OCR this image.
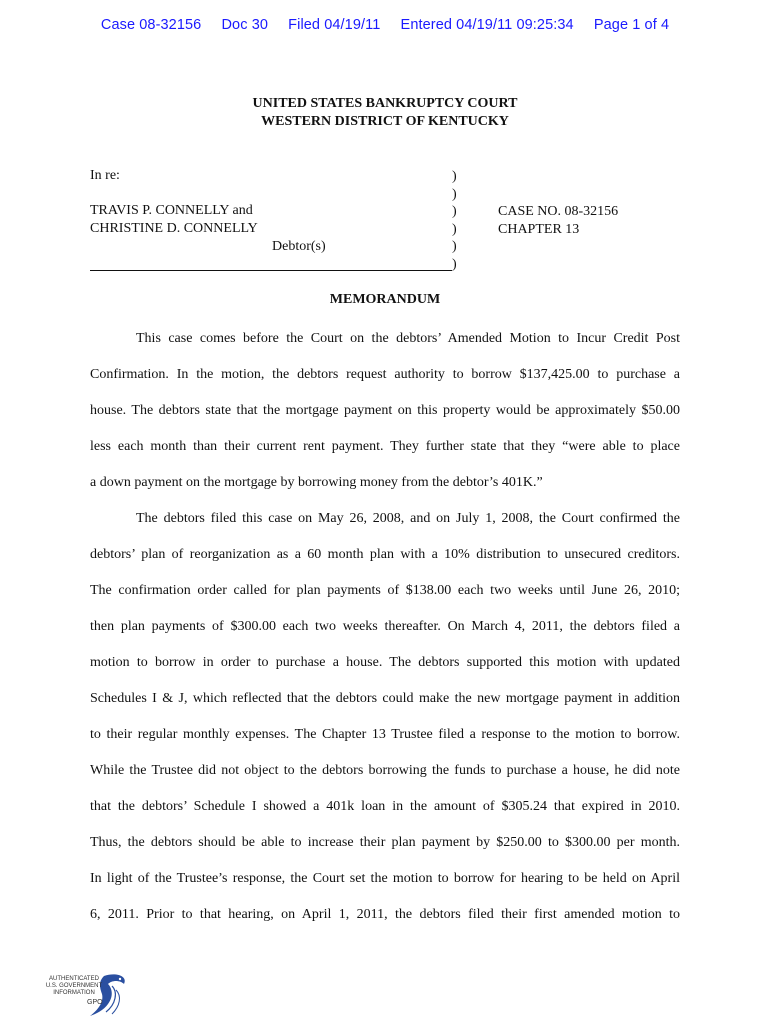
Case 08-32156 Doc 30 Filed 04/19/11 Entered 04/19/11 09:25:34 Page 1 of 4
UNITED STATES BANKRUPTCY COURT
WESTERN DISTRICT OF KENTUCKY
In re:
TRAVIS P. CONNELLY and
CHRISTINE D. CONNELLY
Debtor(s)
)
)
)
)
)
)
CASE NO. 08-32156
CHAPTER 13
MEMORANDUM
This case comes before the Court on the debtors’ Amended Motion to Incur Credit Post
Confirmation. In the motion, the debtors request authority to borrow $137,425.00 to purchase a
house. The debtors state that the mortgage payment on this property would be approximately $50.00
less each month than their current rent payment. They further state that they “were able to place
a down payment on the mortgage by borrowing money from the debtor’s 401K.”
The debtors filed this case on May 26, 2008, and on July 1, 2008, the Court confirmed the
debtors’ plan of reorganization as a 60 month plan with a 10% distribution to unsecured creditors.
The confirmation order called for plan payments of $138.00 each two weeks until June 26, 2010;
then plan payments of $300.00 each two weeks thereafter. On March 4, 2011, the debtors filed a
motion to borrow in order to purchase a house. The debtors supported this motion with updated
Schedules I & J, which reflected that the debtors could make the new mortgage payment in addition
to their regular monthly expenses. The Chapter 13 Trustee filed a response to the motion to borrow.
While the Trustee did not object to the debtors borrowing the funds to purchase a house, he did note
that the debtors’ Schedule I showed a 401k loan in the amount of $305.24 that expired in 2010.
Thus, the debtors should be able to increase their plan payment by $250.00 to $300.00 per month.
In light of the Trustee’s response, the Court set the motion to borrow for hearing to be held on April
6, 2011. Prior to that hearing, on April 1, 2011, the debtors filed their first amended motion to
AUTHENTICATED
U.S. GOVERNMENT
INFORMATION
GPO
